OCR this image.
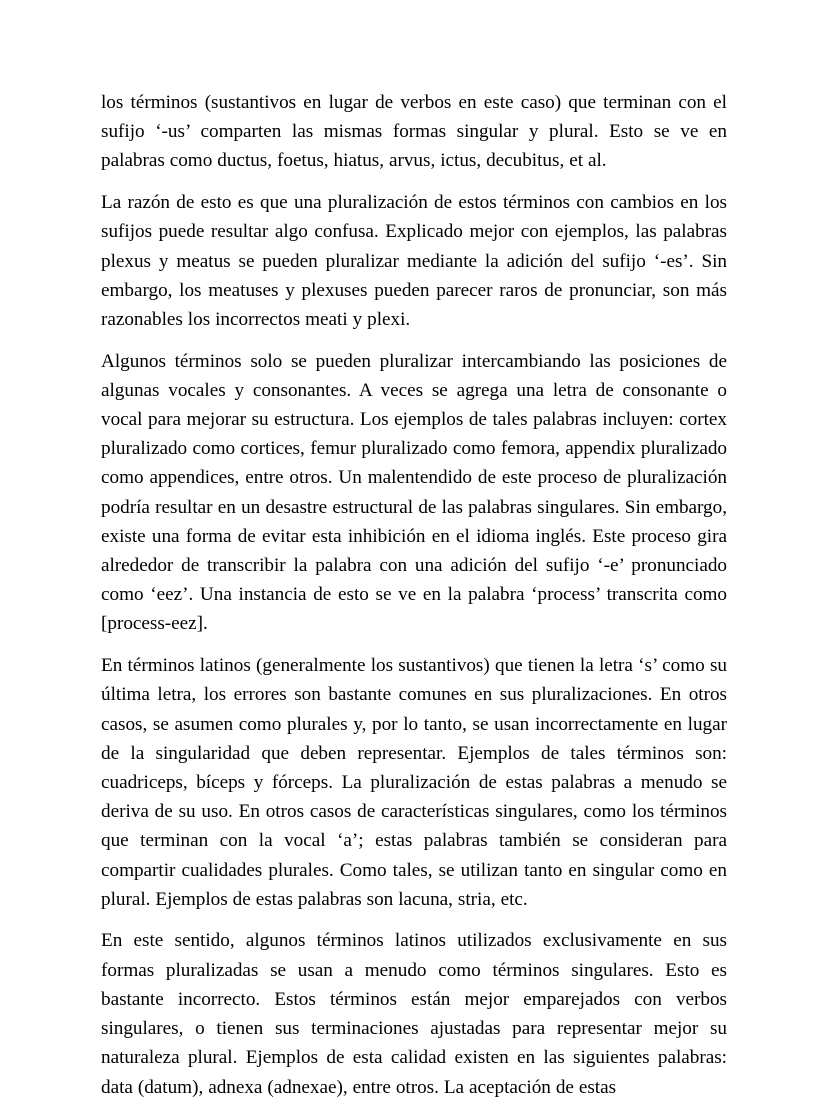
los términos (sustantivos en lugar de verbos en este caso) que terminan con el sufijo ‘-us’ comparten las mismas formas singular y plural. Esto se ve en palabras como ductus, foetus, hiatus, arvus, ictus, decubitus, et al.

La razón de esto es que una pluralización de estos términos con cambios en los sufijos puede resultar algo confusa. Explicado mejor con ejemplos, las palabras plexus y meatus se pueden pluralizar mediante la adición del sufijo ‘-es’. Sin embargo, los meatuses y plexuses pueden parecer raros de pronunciar, son más razonables los incorrectos meati y plexi.

Algunos términos solo se pueden pluralizar intercambiando las posiciones de algunas vocales y consonantes. A veces se agrega una letra de consonante o vocal para mejorar su estructura. Los ejemplos de tales palabras incluyen: cortex pluralizado como cortices, femur pluralizado como femora, appendix pluralizado como appendices, entre otros. Un malentendido de este proceso de pluralización podría resultar en un desastre estructural de las palabras singulares. Sin embargo, existe una forma de evitar esta inhibición en el idioma inglés. Este proceso gira alrededor de transcribir la palabra con una adición del sufijo ‘-e’ pronunciado como ‘eez’. Una instancia de esto se ve en la palabra ‘process’ transcrita como [process-eez].

En términos latinos (generalmente los sustantivos) que tienen la letra ‘s’ como su última letra, los errores son bastante comunes en sus pluralizaciones. En otros casos, se asumen como plurales y, por lo tanto, se usan incorrectamente en lugar de la singularidad que deben representar. Ejemplos de tales términos son: cuadriceps, bíceps y fórceps. La pluralización de estas palabras a menudo se deriva de su uso. En otros casos de características singulares, como los términos que terminan con la vocal ‘a’; estas palabras también se consideran para compartir cualidades plurales. Como tales, se utilizan tanto en singular como en plural. Ejemplos de estas palabras son lacuna, stria, etc.

En este sentido, algunos términos latinos utilizados exclusivamente en sus formas pluralizadas se usan a menudo como términos singulares. Esto es bastante incorrecto. Estos términos están mejor emparejados con verbos singulares, o tienen sus terminaciones ajustadas para representar mejor su naturaleza plural. Ejemplos de esta calidad existen en las siguientes palabras: data (datum), adnexa (adnexae), entre otros. La aceptación de estas
